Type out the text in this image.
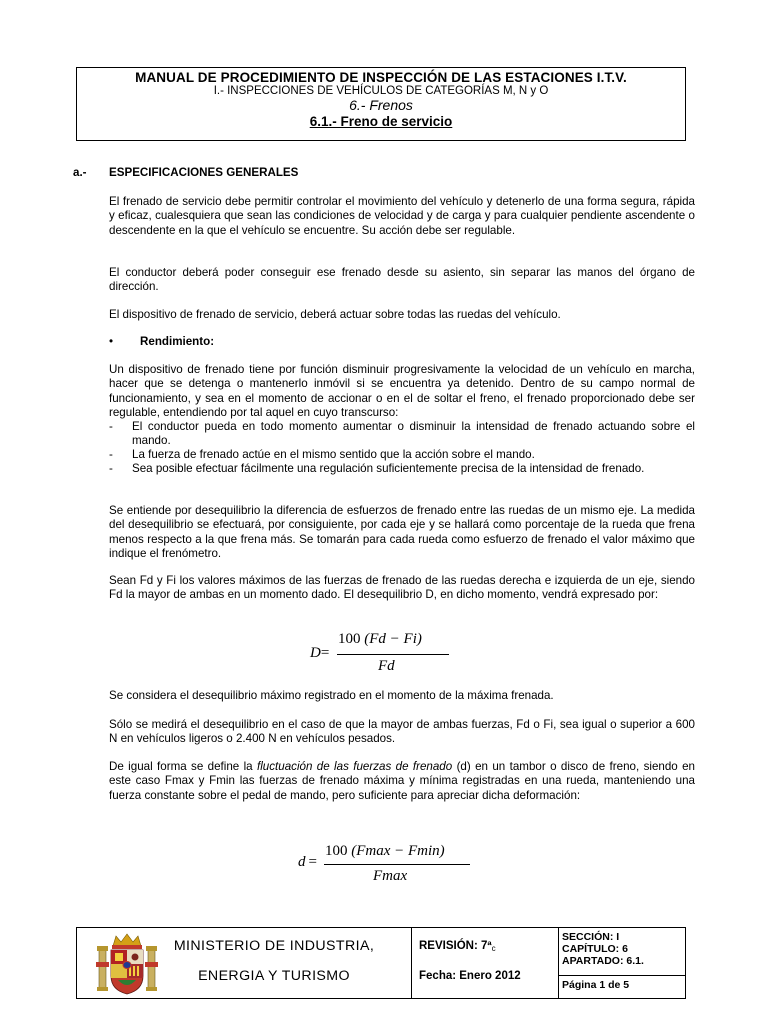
MANUAL DE PROCEDIMIENTO DE INSPECCIÓN DE LAS ESTACIONES I.T.V.
I.- INSPECCIONES DE VEHÍCULOS DE CATEGORÍAS M, N y O
6.- Frenos
6.1.- Freno de servicio
a.- ESPECIFICACIONES GENERALES

El frenado de servicio debe permitir controlar el movimiento del vehículo y detenerlo de una forma segura, rápida y eficaz, cualesquiera que sean las condiciones de velocidad y de carga y para cualquier pendiente ascendente o descendente en la que el vehículo se encuentre. Su acción debe ser regulable.

El conductor deberá poder conseguir ese frenado desde su asiento, sin separar las manos del órgano de dirección.

El dispositivo de frenado de servicio, deberá actuar sobre todas las ruedas del vehículo.

• Rendimiento:

Un dispositivo de frenado tiene por función disminuir progresivamente la velocidad de un vehículo en marcha, hacer que se detenga o mantenerlo inmóvil si se encuentra ya detenido. Dentro de su campo normal de funcionamiento, y sea en el momento de accionar o en el de soltar el freno, el frenado proporcionado debe ser regulable, entendiendo por tal aquel en cuyo transcurso:

- El conductor pueda en todo momento aumentar o disminuir la intensidad de frenado actuando sobre el mando.
- La fuerza de frenado actúe en el mismo sentido que la acción sobre el mando.
- Sea posible efectuar fácilmente una regulación suficientemente precisa de la intensidad de frenado.

Se entiende por desequilibrio la diferencia de esfuerzos de frenado entre las ruedas de un mismo eje. La medida del desequilibrio se efectuará, por consiguiente, por cada eje y se hallará como porcentaje de la rueda que frena menos respecto a la que frena más. Se tomarán para cada rueda como esfuerzo de frenado el valor máximo que indique el frenómetro.

Sean Fd y Fi los valores máximos de las fuerzas de frenado de las ruedas derecha e izquierda de un eje, siendo Fd la mayor de ambas en un momento dado. El desequilibrio D, en dicho momento, vendrá expresado por:

D=
100 (Fd − Fi)
Fd

Se considera el desequilibrio máximo registrado en el momento de la máxima frenada.

Sólo se medirá el desequilibrio en el caso de que la mayor de ambas fuerzas, Fd o Fi, sea igual o superior a 600 N en vehículos ligeros o 2.400 N en vehículos pesados.

De igual forma se define la fluctuación de las fuerzas de frenado (d) en un tambor o disco de freno, siendo en este caso Fmax y Fmin las fuerzas de frenado máxima y mínima registradas en una rueda, manteniendo una fuerza constante sobre el pedal de mando, pero suficiente para apreciar dicha deformación:

d =
100 (Fmax − Fmin)
Fmax
MINISTERIO DE INDUSTRIA,
ENERGIA Y TURISMO
REVISIÓN: 7ªc
Fecha: Enero 2012
SECCIÓN: I
CAPÍTULO: 6
APARTADO: 6.1.
Página 1 de 5
